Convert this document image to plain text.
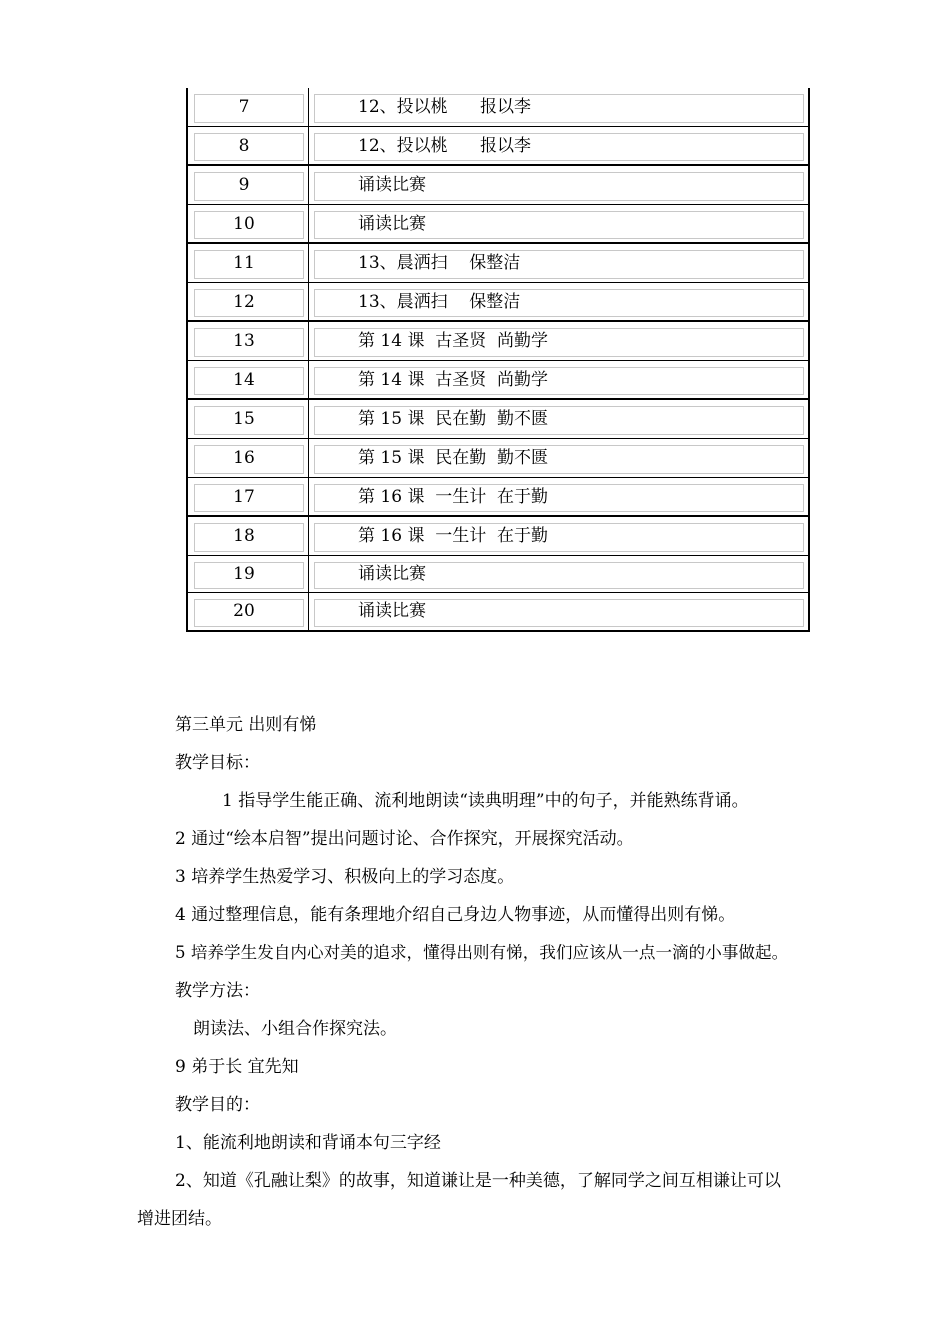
7	12、投以桃      报以李
8	12、投以桃      报以李
9	诵读比赛
10	诵读比赛
11	13、晨洒扫    保整洁
12	13、晨洒扫    保整洁
13	第 14 课  古圣贤  尚勤学
14	第 14 课  古圣贤  尚勤学
15	第 15 课  民在勤  勤不匮
16	第 15 课  民在勤  勤不匮
17	第 16 课  一生计  在于勤
18	第 16 课  一生计  在于勤
19	诵读比赛
20	诵读比赛
第三单元 出则有悌
教学目标：
1 指导学生能正确、流利地朗读“读典明理”中的句子，并能熟练背诵。
2 通过“绘本启智”提出问题讨论、合作探究，开展探究活动。
3 培养学生热爱学习、积极向上的学习态度。
4 通过整理信息，能有条理地介绍自己身边人物事迹，从而懂得出则有悌。
5 培养学生发自内心对美的追求，懂得出则有悌，我们应该从一点一滴的小事做起。
教学方法：
朗读法、小组合作探究法。
9 弟于长 宜先知
教学目的：
1、能流利地朗读和背诵本句三字经
2、知道《孔融让梨》的故事，知道谦让是一种美德，了解同学之间互相谦让可以
增进团结。
